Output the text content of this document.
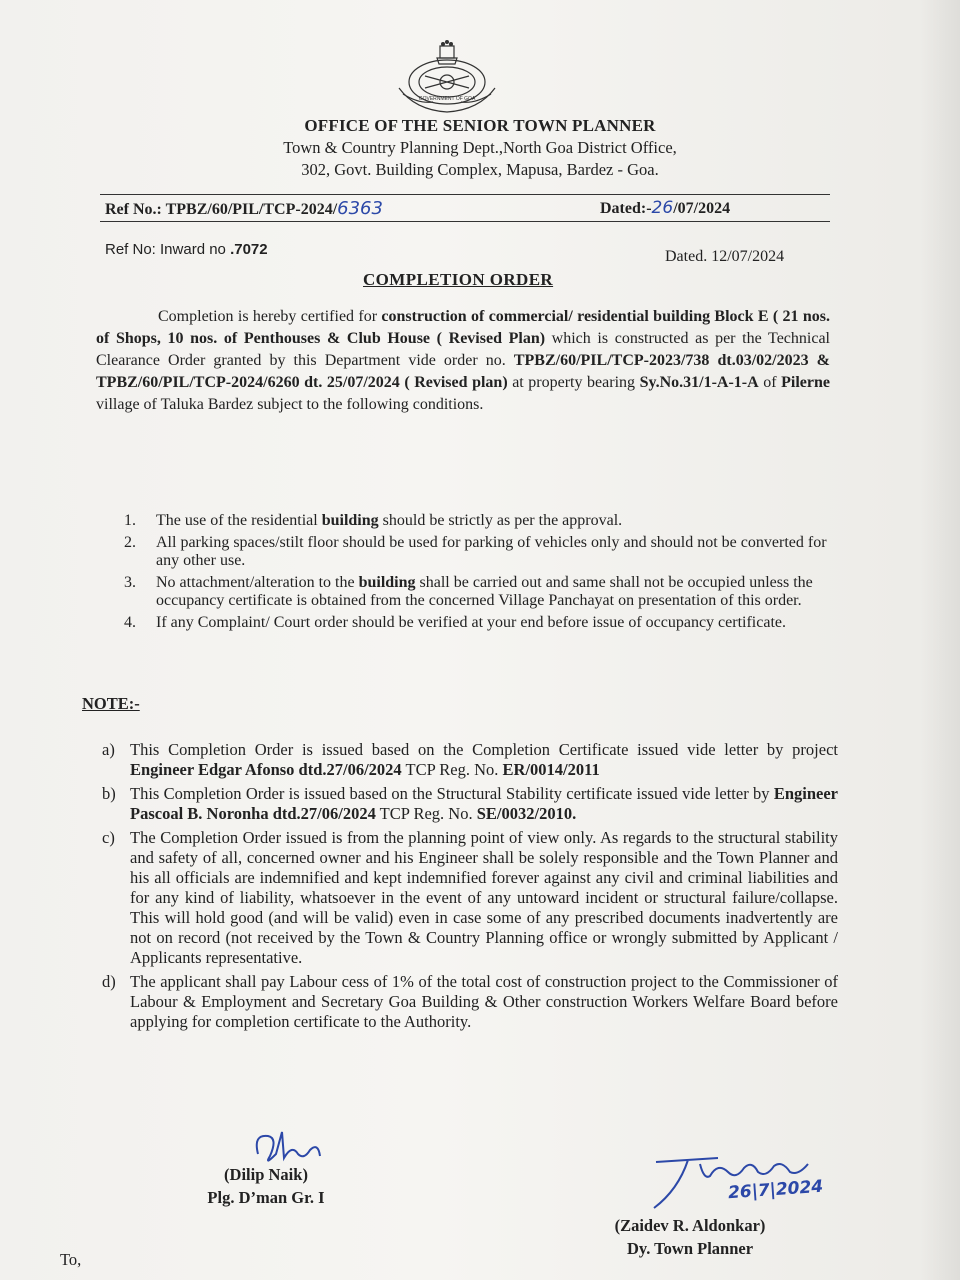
GOVERNMENT OF GOA
OFFICE OF THE SENIOR TOWN PLANNER
Town & Country Planning Dept.,North Goa District Office,
302, Govt. Building Complex, Mapusa, Bardez - Goa.
Ref No.: TPBZ/60/PIL/TCP-2024/6363	Dated:-26/07/2024
Ref No: Inward no .7072	Dated. 12/07/2024
COMPLETION ORDER

Completion is hereby certified for construction of commercial/ residential building Block E ( 21 nos. of Shops, 10 nos. of Penthouses & Club House ( Revised Plan) which is constructed as per the Technical Clearance Order granted by this Department vide order no. TPBZ/60/PIL/TCP-2023/738 dt.03/02/2023 & TPBZ/60/PIL/TCP-2024/6260 dt. 25/07/2024 ( Revised plan) at property bearing Sy.No.31/1-A-1-A of Pilerne village of Taluka Bardez subject to the following conditions.

1. The use of the residential building should be strictly as per the approval.
2. All parking spaces/stilt floor should be used for parking of vehicles only and should not be converted for any other use.
3. No attachment/alteration to the building shall be carried out and same shall not be occupied unless the occupancy certificate is obtained from the concerned Village Panchayat on presentation of this order.
4. If any Complaint/ Court order should be verified at your end before issue of occupancy certificate.
NOTE:-
a) This Completion Order is issued based on the Completion Certificate issued vide letter by project Engineer Edgar Afonso dtd.27/06/2024 TCP Reg. No. ER/0014/2011
b) This Completion Order is issued based on the Structural Stability certificate issued vide letter by Engineer Pascoal B. Noronha dtd.27/06/2024 TCP Reg. No. SE/0032/2010.
c) The Completion Order issued is from the planning point of view only. As regards to the structural stability and safety of all, concerned owner and his Engineer shall be solely responsible and the Town Planner and his all officials are indemnified and kept indemnified forever against any civil and criminal liabilities and for any kind of liability, whatsoever in the event of any untoward incident or structural failure/collapse. This will hold good (and will be valid) even in case some of any prescribed documents inadvertently are not on record (not received by the Town & Country Planning office or wrongly submitted by Applicant / Applicants representative.
d) The applicant shall pay Labour cess of 1% of the total cost of construction project to the Commissioner of Labour & Employment and Secretary Goa Building & Other construction Workers Welfare Board before applying for completion certificate to the Authority.
(Dilip Naik)
Plg. D’man Gr. I	26|7|2024
(Zaidev R. Aldonkar)
Dy. Town Planner
To,
